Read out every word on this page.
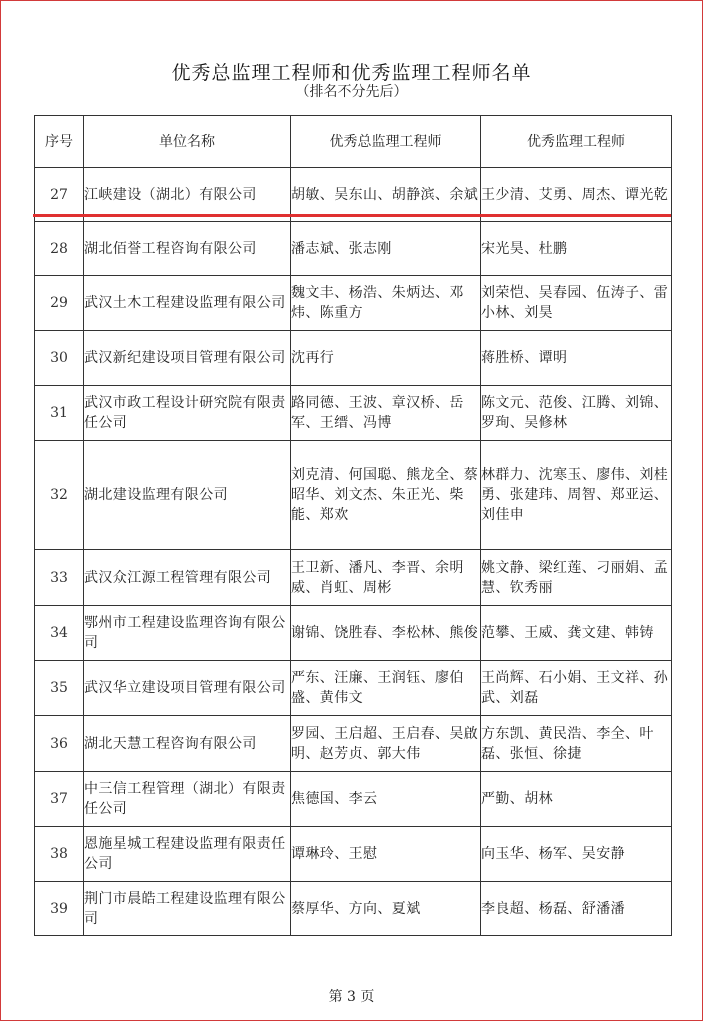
优秀总监理工程师和优秀监理工程师名单
（排名不分先后）
序号	单位名称	优秀总监理工程师	优秀监理工程师
27	江峡建设（湖北）有限公司	胡敏、吴东山、胡静滨、余斌	王少清、艾勇、周杰、谭光乾
28	湖北佰誉工程咨询有限公司	潘志斌、张志刚	宋光昊、杜鹏
29	武汉土木工程建设监理有限公司	魏文丰、杨浩、朱炳达、邓炜、陈重方	刘荣恺、吴春园、伍涛子、雷小林、刘昊
30	武汉新纪建设项目管理有限公司	沈再行	蒋胜桥、谭明
31	武汉市政工程设计研究院有限责任公司	路同德、王波、章汉桥、岳军、王缙、冯博	陈文元、范俊、江腾、刘锦、罗珣、吴修林
32	湖北建设监理有限公司	刘克清、何国聪、熊龙全、蔡昭华、刘文杰、朱正光、柴能、郑欢	林群力、沈寒玉、廖伟、刘桂勇、张建玮、周智、郑亚运、刘佳申
33	武汉众江源工程管理有限公司	王卫新、潘凡、李晋、余明威、肖虹、周彬	姚文静、梁红莲、刁丽娟、孟慧、钦秀丽
34	鄂州市工程建设监理咨询有限公司	谢锦、饶胜春、李松林、熊俊	范攀、王威、龚文建、韩铸
35	武汉华立建设项目管理有限公司	严东、汪廉、王润钰、廖伯盛、黄伟文	王尚辉、石小娟、王文祥、孙武、刘磊
36	湖北天慧工程咨询有限公司	罗园、王启超、王启春、吴啟明、赵芳贞、郭大伟	方东凯、黄民浩、李全、叶磊、张恒、徐捷
37	中三信工程管理（湖北）有限责任公司	焦德国、李云	严勤、胡林
38	恩施星城工程建设监理有限责任公司	谭琳玲、王慰	向玉华、杨军、吴安静
39	荆门市晨皓工程建设监理有限公司	蔡厚华、方向、夏斌	李良超、杨磊、舒潘潘
第 3 页
